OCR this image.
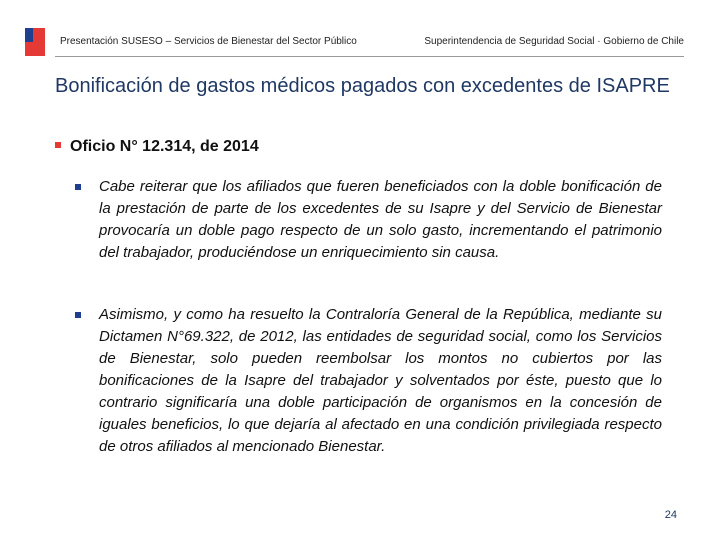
Presentación SUSESO – Servicios de Bienestar del Sector Público	Superintendencia de Seguridad Social · Gobierno de Chile
Bonificación de gastos médicos pagados con excedentes de ISAPRE
Oficio N° 12.314, de 2014
Cabe reiterar que los afiliados que fueren beneficiados con la doble bonificación de la prestación de parte de los excedentes de su Isapre y del Servicio de Bienestar provocaría un doble pago respecto de un solo gasto, incrementando el patrimonio del trabajador, produciéndose un enriquecimiento sin causa.
Asimismo, y como ha resuelto la Contraloría General de la República, mediante su Dictamen N°69.322, de 2012, las entidades de seguridad social, como los Servicios de Bienestar, solo pueden reembolsar los montos no cubiertos por las bonificaciones de la Isapre del trabajador y solventados por éste, puesto que lo contrario significaría una doble participación de organismos en la concesión de iguales beneficios, lo que dejaría al afectado en una condición privilegiada respecto de otros afiliados al mencionado Bienestar.
24
